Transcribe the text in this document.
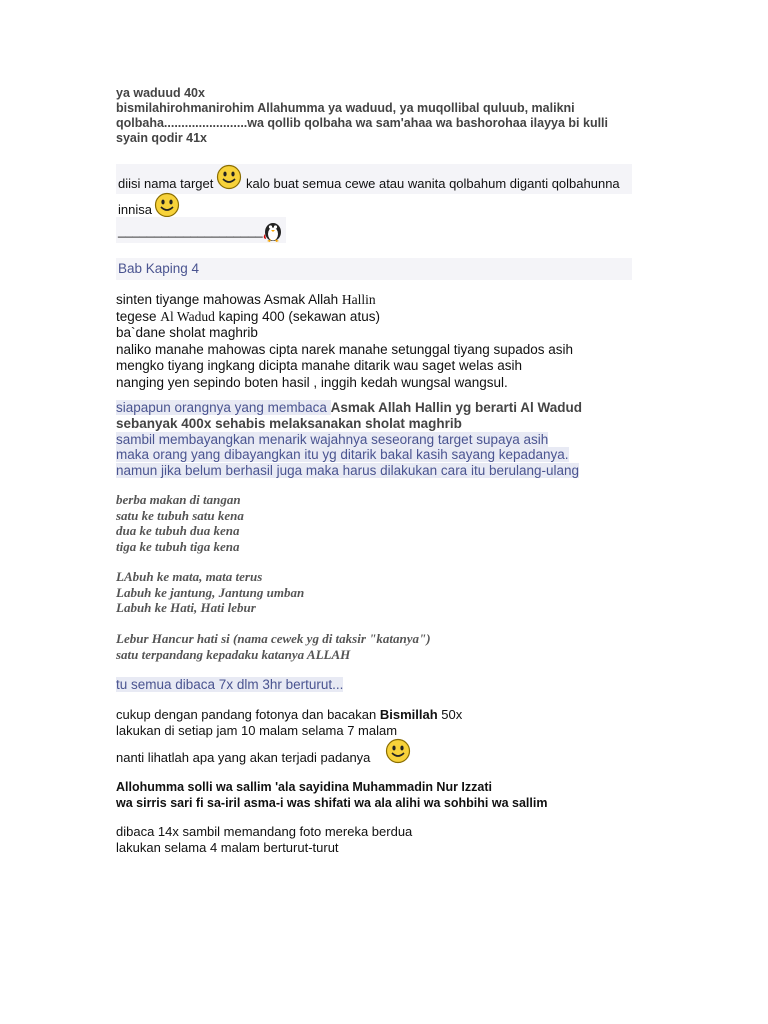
ya waduud 40x
bismilahirohmanirohim Allahumma ya waduud, ya muqollibal quluub, malikni
qolbaha........................wa qollib qolbaha wa sam'ahaa wa bashorohaa ilayya bi kulli
syain qodir 41x
diisi nama target	kalo buat semua cewe atau wanita qolbahum diganti qolbahunna
innisa
____________________
Bab Kaping 4
sinten tiyange mahowas Asmak Allah Hallin
tegese Al Wadud kaping 400 (sekawan atus)
ba`dane sholat maghrib
naliko manahe mahowas cipta narek manahe setunggal tiyang supados asih
mengko tiyang ingkang dicipta manahe ditarik wau saget welas asih
nanging yen sepindo boten hasil , inggih kedah wungsal wangsul.
siapapun orangnya yang membaca Asmak Allah Hallin yg berarti Al Wadud
sebanyak 400x sehabis melaksanakan sholat maghrib
sambil membayangkan menarik wajahnya seseorang target supaya asih
maka orang yang dibayangkan itu yg ditarik bakal kasih sayang kepadanya.
namun jika belum berhasil juga maka harus dilakukan cara itu berulang-ulang
berba makan di tangan
satu ke tubuh satu kena
dua ke tubuh dua kena
tiga ke tubuh tiga kena
LAbuh ke mata, mata terus
Labuh ke jantung, Jantung umban
Labuh ke Hati, Hati lebur
Lebur Hancur hati si (nama cewek yg di taksir "katanya")
satu terpandang kepadaku katanya ALLAH
tu semua dibaca 7x dlm 3hr berturut...
cukup dengan pandang fotonya dan bacakan Bismillah 50x
lakukan di setiap jam 10 malam selama 7 malam
nanti lihatlah apa yang akan terjadi padanya
Allohumma solli wa sallim 'ala sayidina Muhammadin Nur Izzati
wa sirris sari fi sa-iril asma-i was shifati wa ala alihi wa sohbihi wa sallim
dibaca 14x sambil memandang foto mereka berdua
lakukan selama 4 malam berturut-turut
